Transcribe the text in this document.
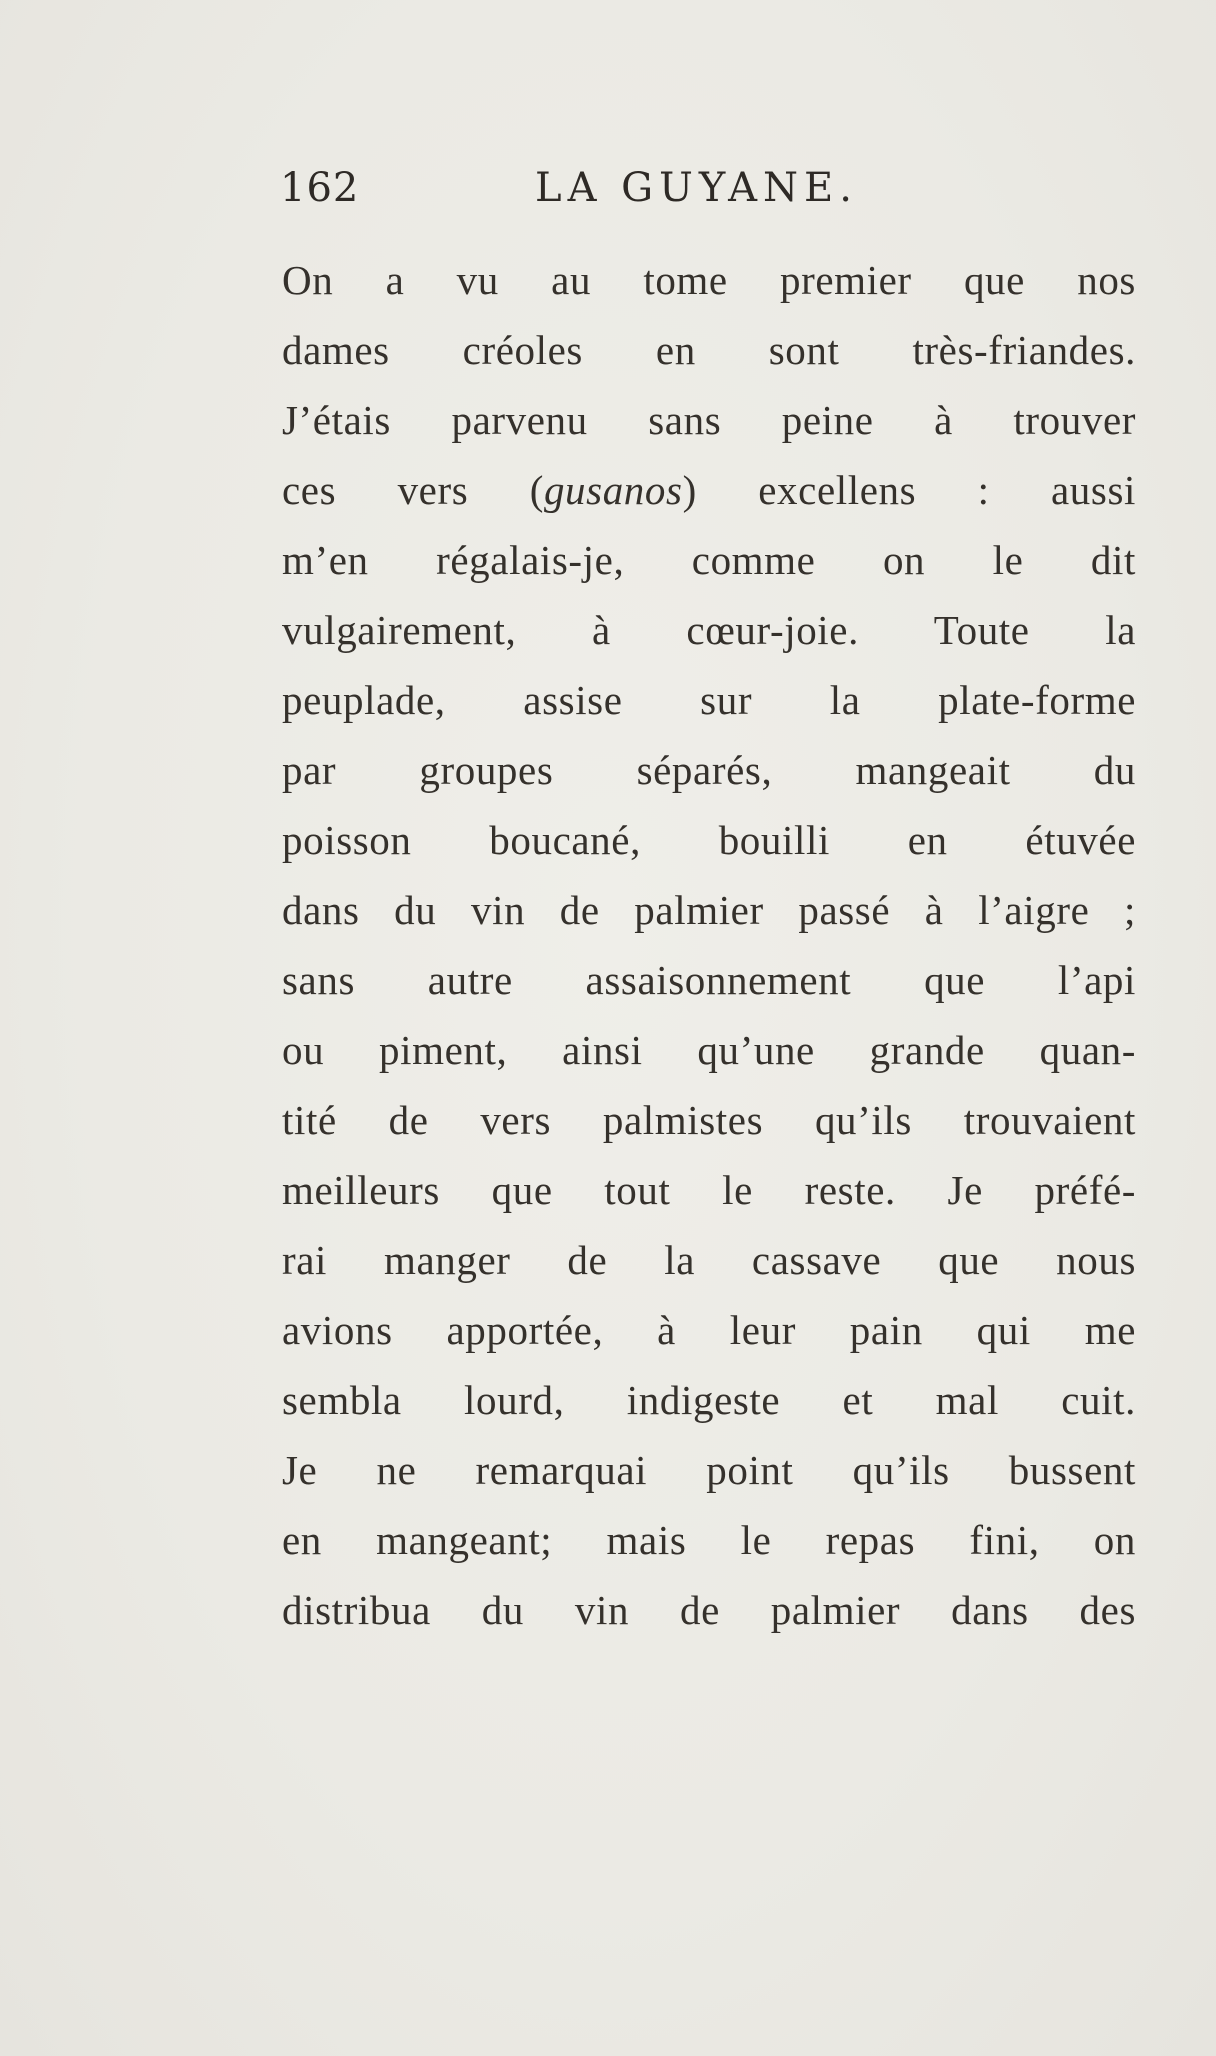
162	LA GUYANE.
On a vu au tome premier que nos
dames créoles en sont très-friandes.
J’étais parvenu sans peine à trouver
ces vers (gusanos) excellens : aussi
m’en régalais-je, comme on le dit
vulgairement, à cœur-joie. Toute la
peuplade, assise sur la plate-forme
par groupes séparés, mangeait du
poisson boucané, bouilli en étuvée
dans du vin de palmier passé à l’aigre ;
sans autre assaisonnement que l’api
ou piment, ainsi qu’une grande quan-
tité de vers palmistes qu’ils trouvaient
meilleurs que tout le reste. Je préfé-
rai manger de la cassave que nous
avions apportée, à leur pain qui me
sembla lourd, indigeste et mal cuit.
Je ne remarquai point qu’ils bussent
en mangeant; mais le repas fini, on
distribua du vin de palmier dans des
